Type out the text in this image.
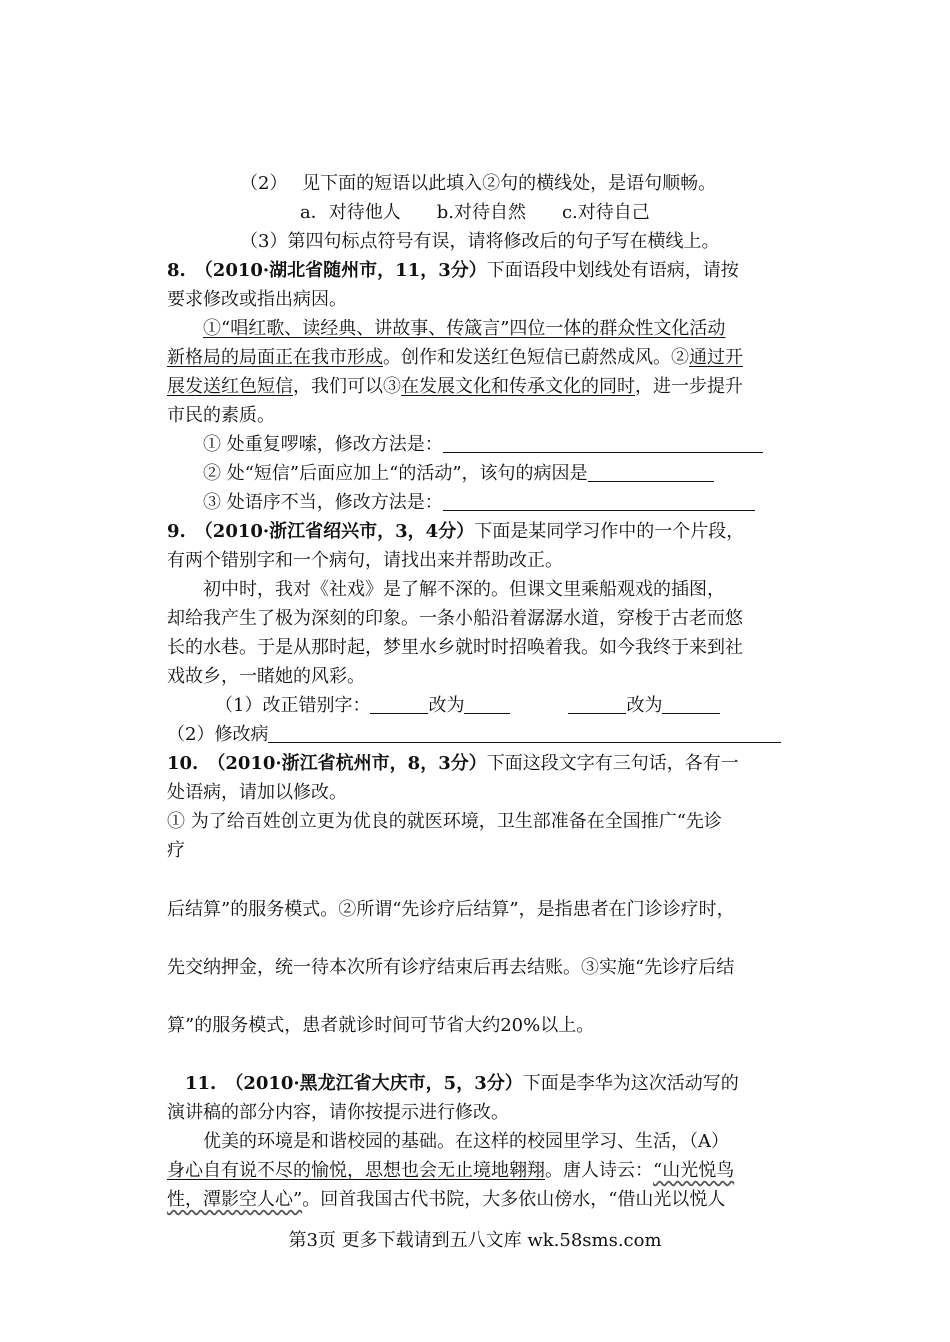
（2）　 见下面的短语以此填入②句的横线处，是语句顺畅。
a．对待他人　　b.对待自然　　c.对待自己
（3）第四句标点符号有误，请将修改后的句子写在横线上。
8.　（2010·湖北省随州市，11，3分）下面语段中划线处有语病，请按
要求修改或指出病因。
①“唱红歌、读经典、讲故事、传箴言”四位一体的群众性文化活动
新格局的局面正在我市形成。创作和发送红色短信已蔚然成风。②通过开
展发送红色短信，我们可以③在发展文化和传承文化的同时，进一步提升
市民的素质。
① 处重复啰嗦，修改方法是：
② 处“短信”后面应加上“的活动”，该句的病因是
③ 处语序不当，修改方法是：
9.　（2010·浙江省绍兴市，3，4分）下面是某同学习作中的一个片段，
有两个错别字和一个病句，请找出来并帮助改正。
初中时，我对《社戏》是了解不深的。但课文里乘船观戏的插图，
却给我产生了极为深刻的印象。一条小船沿着潺潺水道，穿梭于古老而悠
长的水巷。于是从那时起，梦里水乡就时时招唤着我。如今我终于来到社
戏故乡，一睹她的风彩。
（1）改正错别字：	改为	改为
（2）修改病
10.　（2010·浙江省杭州市，8，3分）下面这段文字有三句话，各有一
处语病，请加以修改。
① 为了给百姓创立更为优良的就医环境，卫生部准备在全国推广“先诊
疗
后结算”的服务模式。②所谓“先诊疗后结算”，是指患者在门诊诊疗时，
先交纳押金，统一待本次所有诊疗结束后再去结账。③实施“先诊疗后结
算”的服务模式，患者就诊时间可节省大约20%以上。
11.　（2010·黑龙江省大庆市，5，3分）下面是李华为这次活动写的
演讲稿的部分内容，请你按提示进行修改。
优美的环境是和谐校园的基础。在这样的校园里学习、生活，（A）
身心自有说不尽的愉悦，思想也会无止境地翱翔。唐人诗云：“山光悦鸟
性，潭影空人心”。回首我国古代书院，大多依山傍水，“借山光以悦人
第3页 更多下载请到五八文库 wk.58sms.com
